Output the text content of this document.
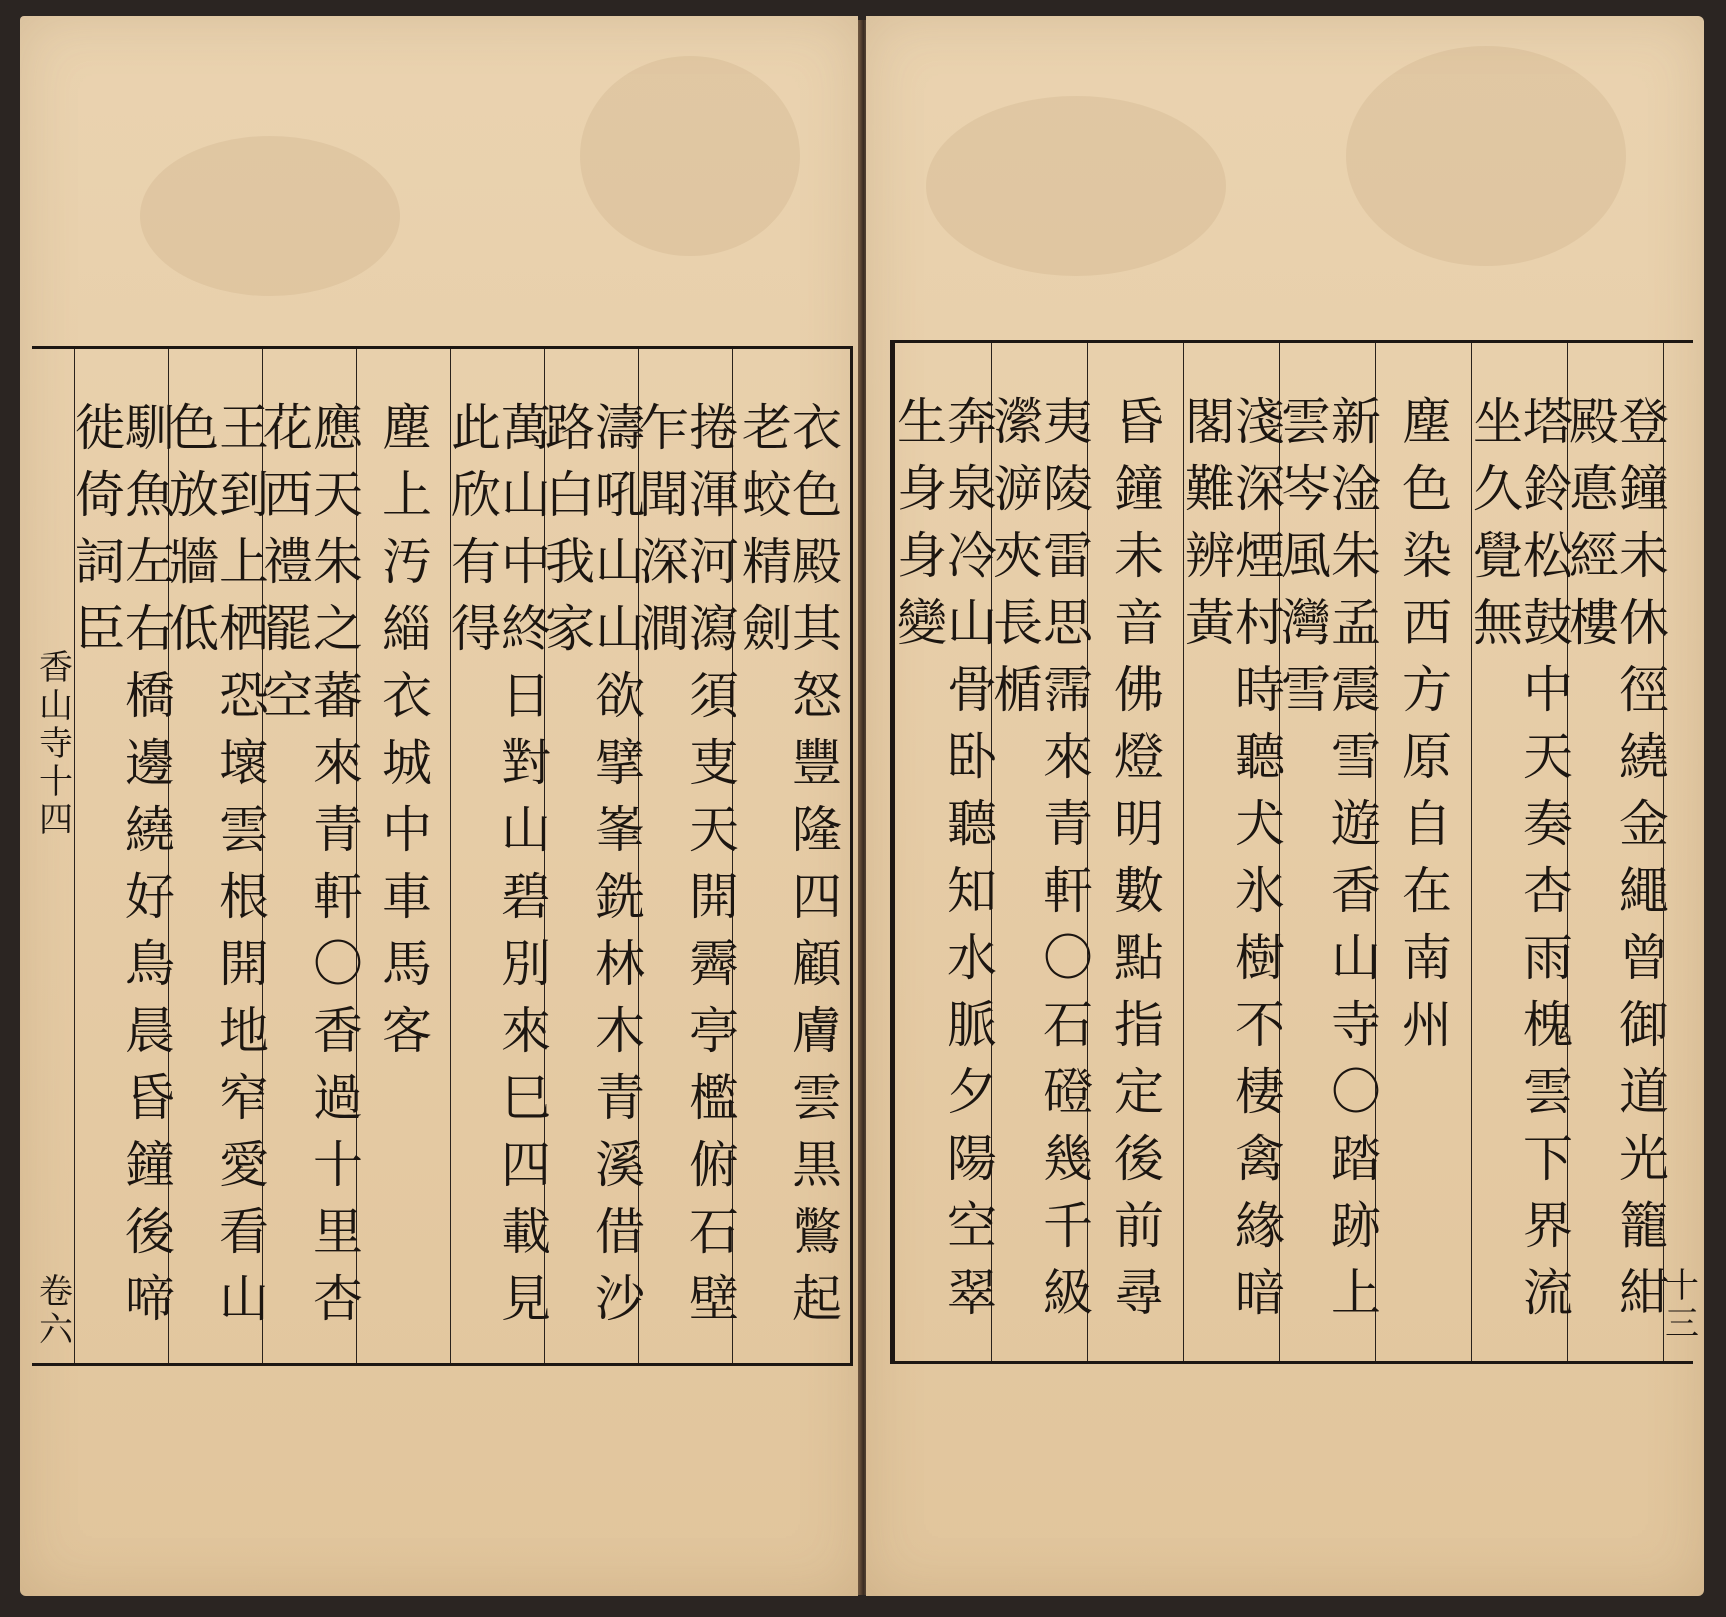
香山寺十四
卷六 馴魚左右橋邊繞好鳥晨昏鐘後啼徙倚詞臣	王到上栖恐壞雲根開地窄愛看山色放牆低	應天朱之蕃來青軒〇香過十里杏花西禮罷空	塵上汚緇衣城中車馬客	萬山中終日對山碧別來巳四載見此欣有得	濤吼山山欲擘峯銑林木青溪借沙路白我家	捲渾河瀉須叓天開霽亭檻俯石壁乍聞深澗	衣色殿其怒豐隆四顧膚雲黒鷩起老蛟精劍	奔泉冷山骨卧聽知水脈夕陽空翠生身身變	夷陵雷思霈來青軒〇石磴幾千級瀠㴑夾長楯	昏鐘未音佛燈明數點指定後前尋	淺深煙村時聽犬氷樹不棲禽緣暗閣難辨黃	新淦朱孟震雪遊香山寺〇踏跡上雲岑風灣雪	塵色染西方原自在南州	塔鈴松鼓中天奏杏雨槐雲下界流坐久覺無	登鐘未休徑繞金繩曾御道光籠紺殿悳經樓
十三
